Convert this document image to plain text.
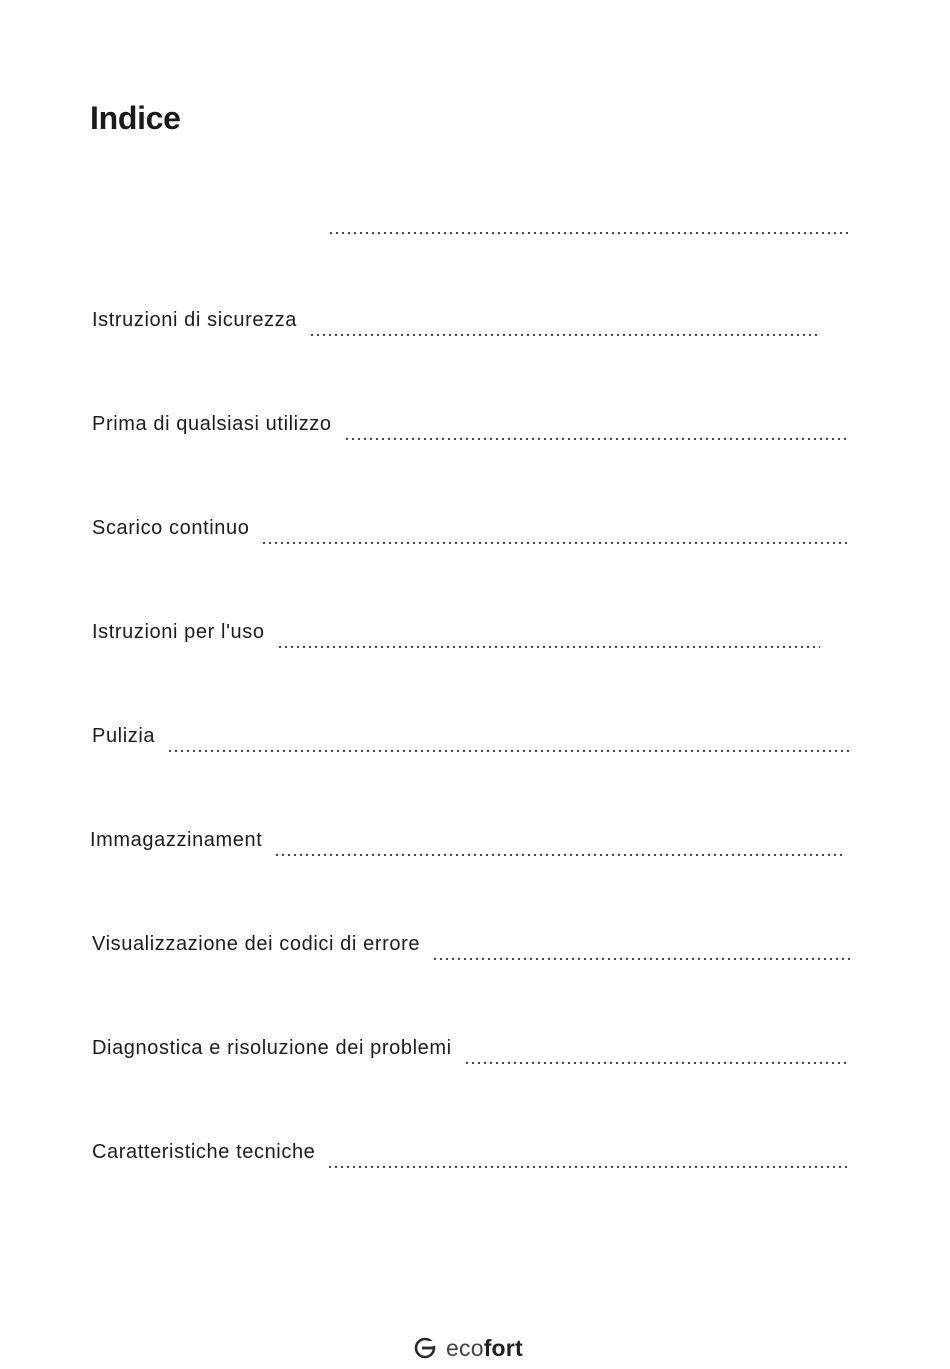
Indice
Istruzioni di sicurezza
Prima di qualsiasi utilizzo
Scarico continuo
Istruzioni per l'uso
Pulizia
Immagazzinament
Visualizzazione dei codici di errore
Diagnostica e risoluzione dei problemi
Caratteristiche tecniche
ecofort
